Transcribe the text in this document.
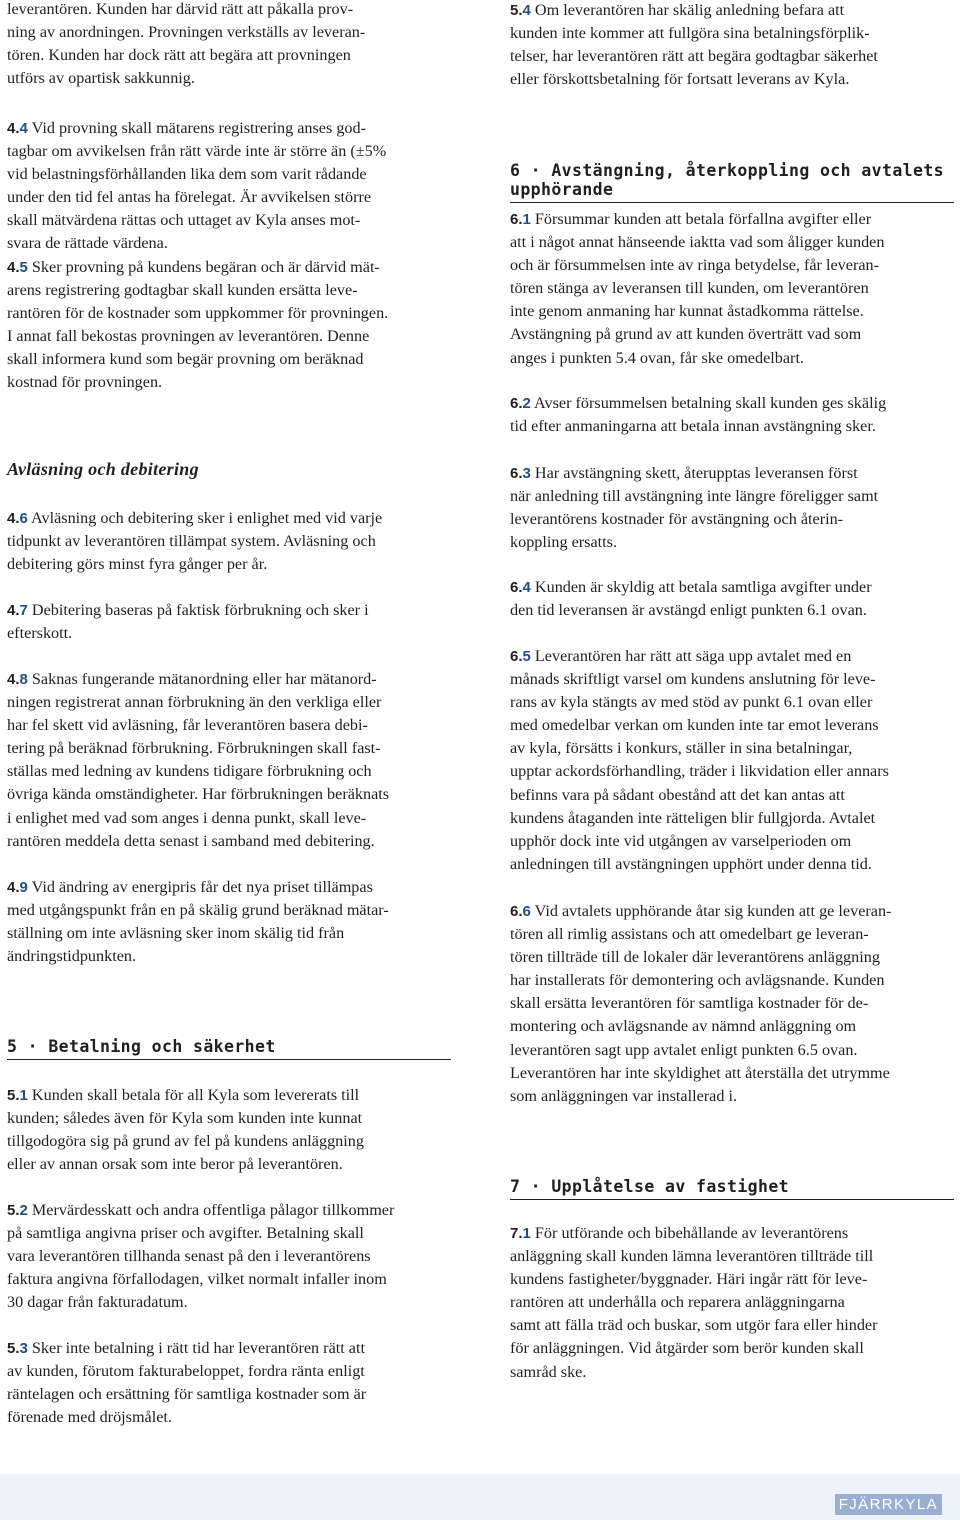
leverantören. Kunden har därvid rätt att påkalla prov-
ning av anordningen. Provningen verkställs av leveran-
tören. Kunden har dock rätt att begära att provningen
utförs av opartisk sakkunnig.

4.4 Vid provning skall mätarens registrering anses god-
tagbar om avvikelsen från rätt värde inte är större än (±5%
vid belastningsförhållanden lika dem som varit rådande
under den tid fel antas ha förelegat. Är avvikelsen större
skall mätvärdena rättas och uttaget av Kyla anses mot-
svara de rättade värdena.

4.5 Sker provning på kundens begäran och är därvid mät-
arens registrering godtagbar skall kunden ersätta leve-
rantören för de kostnader som uppkommer för provningen.
I annat fall bekostas provningen av leverantören. Denne
skall informera kund som begär provning om beräknad
kostnad för provningen.

Avläsning och debitering

4.6 Avläsning och debitering sker i enlighet med vid varje
tidpunkt av leverantören tillämpat system. Avläsning och
debitering görs minst fyra gånger per år.

4.7 Debitering baseras på faktisk förbrukning och sker i
efterskott.

4.8 Saknas fungerande mätanordning eller har mätanord-
ningen registrerat annan förbrukning än den verkliga eller
har fel skett vid avläsning, får leverantören basera debi-
tering på beräknad förbrukning. Förbrukningen skall fast-
ställas med ledning av kundens tidigare förbrukning och
övriga kända omständigheter. Har förbrukningen beräknats
i enlighet med vad som anges i denna punkt, skall leve-
rantören meddela detta senast i samband med debitering.

4.9 Vid ändring av energipris får det nya priset tillämpas
med utgångspunkt från en på skälig grund beräknad mätar-
ställning om inte avläsning sker inom skälig tid från
ändringstidpunkten.

5 · Betalning och säkerhet

5.1 Kunden skall betala för all Kyla som levererats till
kunden; således även för Kyla som kunden inte kunnat
tillgodogöra sig på grund av fel på kundens anläggning
eller av annan orsak som inte beror på leverantören.

5.2 Mervärdesskatt och andra offentliga pålagor tillkommer
på samtliga angivna priser och avgifter. Betalning skall
vara leverantören tillhanda senast på den i leverantörens
faktura angivna förfallodagen, vilket normalt infaller inom
30 dagar från fakturadatum.

5.3 Sker inte betalning i rätt tid har leverantören rätt att
av kunden, förutom fakturabeloppet, fordra ränta enligt
räntelagen och ersättning för samtliga kostnader som är
förenade med dröjsmålet.

5.4 Om leverantören har skälig anledning befara att
kunden inte kommer att fullgöra sina betalningsförplik-
telser, har leverantören rätt att begära godtagbar säkerhet
eller förskottsbetalning för fortsatt leverans av Kyla.

6 · Avstängning, återkoppling och avtalets upphörande

6.1 Försummar kunden att betala förfallna avgifter eller
att i något annat hänseende iaktta vad som åligger kunden
och är försummelsen inte av ringa betydelse, får leveran-
tören stänga av leveransen till kunden, om leverantören
inte genom anmaning har kunnat åstadkomma rättelse.
Avstängning på grund av att kunden överträtt vad som
anges i punkten 5.4 ovan, får ske omedelbart.

6.2 Avser försummelsen betalning skall kunden ges skälig
tid efter anmaningarna att betala innan avstängning sker.

6.3 Har avstängning skett, återupptas leveransen först
när anledning till avstängning inte längre föreligger samt
leverantörens kostnader för avstängning och återin-
koppling ersatts.

6.4 Kunden är skyldig att betala samtliga avgifter under
den tid leveransen är avstängd enligt punkten 6.1 ovan.

6.5 Leverantören har rätt att säga upp avtalet med en
månads skriftligt varsel om kundens anslutning för leve-
rans av kyla stängts av med stöd av punkt 6.1 ovan eller
med omedelbar verkan om kunden inte tar emot leverans
av kyla, försätts i konkurs, ställer in sina betalningar,
upptar ackordsförhandling, träder i likvidation eller annars
befinns vara på sådant obestånd att det kan antas att
kundens åtaganden inte rätteligen blir fullgjorda. Avtalet
upphör dock inte vid utgången av varselperioden om
anledningen till avstängningen upphört under denna tid.

6.6 Vid avtalets upphörande åtar sig kunden att ge leveran-
tören all rimlig assistans och att omedelbart ge leveran-
tören tillträde till de lokaler där leverantörens anläggning
har installerats för demontering och avlägsnande. Kunden
skall ersätta leverantören för samtliga kostnader för de-
montering och avlägsnande av nämnd anläggning om
leverantören sagt upp avtalet enligt punkten 6.5 ovan.
Leverantören har inte skyldighet att återställa det utrymme
som anläggningen var installerad i.

7 · Upplåtelse av fastighet

7.1 För utförande och bibehållande av leverantörens
anläggning skall kunden lämna leverantören tillträde till
kundens fastigheter/byggnader. Häri ingår rätt för leve-
rantören att underhålla och reparera anläggningarna
samt att fälla träd och buskar, som utgör fara eller hinder
för anläggningen. Vid åtgärder som berör kunden skall
samråd ske.

FJÄRRKYLA
